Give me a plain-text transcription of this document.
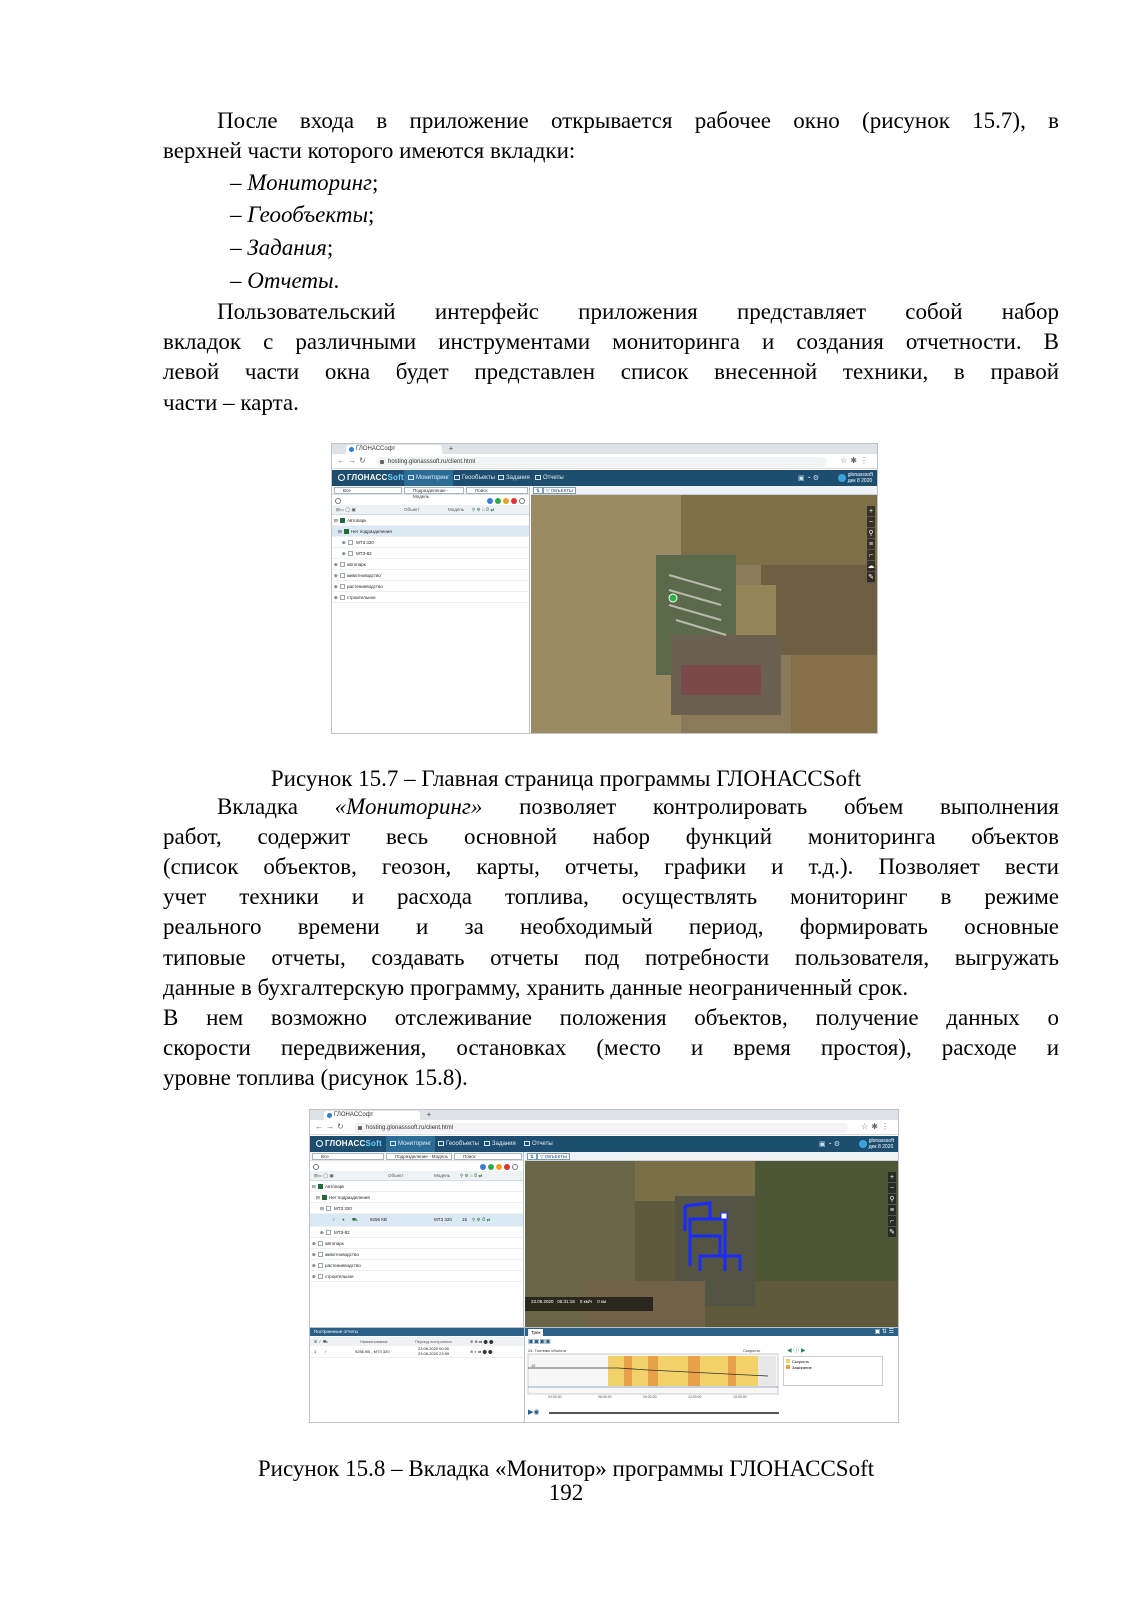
После входа в приложение открывается рабочее окно (рисунок 15.7), в

верхней части которого имеются вкладки:

– Мониторинг;

– Геообъекты;

– Задания;

– Отчеты.

Пользовательский интерфейс приложения представляет собой набор

вкладок с различными инструментами мониторинга и создания отчетности. В

левой части окна будет представлен список внесенной техники, в правой

части – карта.

ГЛОНАССофт	+
← → ↻	hosting.glonasssoft.ru/client.html	☆✱⋮
ГЛОНАССSoft	Мониторинг	Геообъекты	Задания	Отчеты	▣◔⚙	glonasssoft
дек 8 2020
Все	Подразделение - Модель
Поиск
⊞▭ ◯ ▣	Объект	Модель ⚲ ⚙ ⌂ ⏱ ⇄
⊟ Автопарк
⊟ Нет подразделения
⊕ МТЗ 320
⊕ МТЗ-82
⊕ автопарк
⊕ животноводство
⊕ растениеводство
⊕ строительное
⇅	▽ ОБЪЕКТЫ
+
−
⚲
≡
⌐
☁
✎

Рисунок 15.7 – Главная страница программы ГЛОНАССSoft

Вкладка «Мониторинг» позволяет контролировать объем выполнения

работ, содержит весь основной набор функций мониторинга объектов

(список объектов, геозон, карты, отчеты, графики и т.д.). Позволяет вести

учет техники и расхода топлива, осуществлять мониторинг в режиме

реального времени и за необходимый период, формировать основные

типовые отчеты, создавать отчеты под потребности пользователя, выгружать

данные в бухгалтерскую программу, хранить данные неограниченный срок.

В нем возможно отслеживание положения объектов, получение данных о

скорости передвижения, остановках (место и время простоя), расходе и

уровне топлива (рисунок 15.8).

ГЛОНАССофт	+
← → ↻	hosting.glonasssoft.ru/client.html	☆✱⋮
ГЛОНАССSoft	Мониторинг	Геообъекты	Задания	Отчеты	▣◔⚙	glonasssoft
дек 8 2020
Все	Подразделение - Модель	Поиск
⊞▭ ◯ ▣	Объект	Модель ⚲ ⚙ ⌂ ⏱ ⇄
⊟ Автопарк
⊟ Нет подразделения
⊟ МТЗ 320
✓ ● ⛟	9256 КВ	МТЗ 320 15 ⚲ ⚙ ⏱ ⇄
⊕ МТЗ-82
⊕ автопарк
⊕ животноводство
⊕ растениеводство
⊕ строительное
⇅	▽ ОБЪЕКТЫ
23.08.2020 05:31:18 0 км/ч 0 км
+
−
⚲
≡
⌐
✎
Построенные отчеты
⊞ ✓ ⛟	Наименование	Период построения	⊕ ⊗ ⇄ ⬤ ⬤
1 ✓	9256 КВ - МТЗ 320
23.08.2020 00:00
23.08.2020 23:59	⊕ ◐ ⇄ ⬤ ⬤
Трек	▣ ⇅ ☰
▣▣▣▣
24: Топливо объекта	Скорость	◀ ⓘ ▶
12
03:00:00	06:00:00	09:00:00	12:00:00	15:00:00
Скорость
Зажигание
▶◉

Рисунок 15.8 – Вкладка «Монитор» программы ГЛОНАССSoft

192
